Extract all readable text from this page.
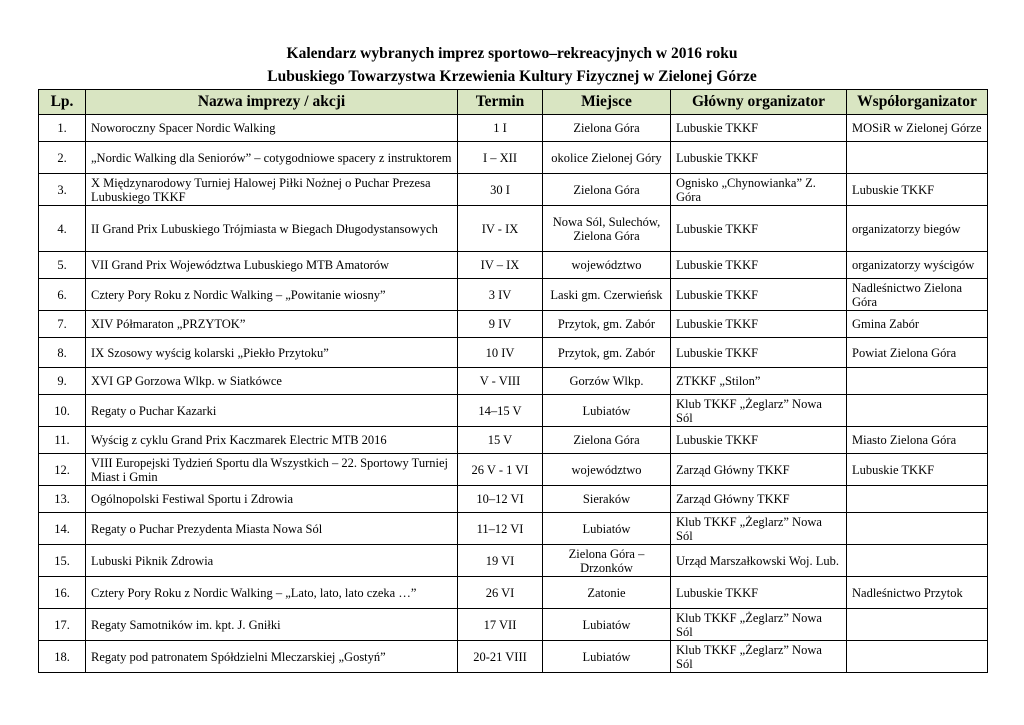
Kalendarz wybranych imprez sportowo–rekreacyjnych w 2016 roku
Lubuskiego Towarzystwa Krzewienia Kultury Fizycznej w Zielonej Górze
Lp.	Nazwa imprezy / akcji	Termin	Miejsce	Główny organizator	Współorganizator
1.	Noworoczny Spacer Nordic Walking	1 I	Zielona Góra	Lubuskie TKKF	MOSiR w Zielonej Górze
2.	„Nordic Walking dla Seniorów” – cotygodniowe spacery z instruktorem	I – XII	okolice Zielonej Góry	Lubuskie TKKF	
3.	X Międzynarodowy Turniej Halowej Piłki Nożnej o Puchar Prezesa Lubuskiego TKKF	30 I	Zielona Góra	Ognisko „Chynowianka” Z. Góra	Lubuskie TKKF
4.	II Grand Prix Lubuskiego Trójmiasta w Biegach Długodystansowych	IV - IX	Nowa Sól, Sulechów, Zielona Góra	Lubuskie TKKF	organizatorzy biegów
5.	VII Grand Prix Województwa Lubuskiego MTB Amatorów	IV – IX	województwo	Lubuskie TKKF	organizatorzy wyścigów
6.	Cztery Pory Roku z Nordic Walking – „Powitanie wiosny”	3 IV	Laski gm. Czerwieńsk	Lubuskie TKKF	Nadleśnictwo Zielona Góra
7.	XIV Półmaraton „PRZYTOK”	9 IV	Przytok, gm. Zabór	Lubuskie TKKF	Gmina Zabór
8.	IX Szosowy wyścig kolarski „Piekło Przytoku”	10 IV	Przytok, gm. Zabór	Lubuskie TKKF	Powiat Zielona Góra
9.	XVI GP Gorzowa Wlkp. w Siatkówce	V - VIII	Gorzów Wlkp.	ZTKKF „Stilon”	
10.	Regaty o Puchar Kazarki	14–15 V	Lubiatów	Klub TKKF „Żeglarz” Nowa Sól	
11.	Wyścig z cyklu Grand Prix Kaczmarek Electric MTB 2016	15 V	Zielona Góra	Lubuskie TKKF	Miasto Zielona Góra
12.	VIII Europejski Tydzień Sportu dla Wszystkich – 22. Sportowy Turniej Miast i Gmin	26 V - 1 VI	województwo	Zarząd Główny TKKF	Lubuskie TKKF
13.	Ogólnopolski Festiwal Sportu i Zdrowia	10–12 VI	Sieraków	Zarząd Główny TKKF	
14.	Regaty o Puchar Prezydenta Miasta Nowa Sól	11–12 VI	Lubiatów	Klub TKKF „Żeglarz” Nowa Sól	
15.	Lubuski Piknik Zdrowia	19 VI	Zielona Góra – Drzonków	Urząd Marszałkowski Woj. Lub.	
16.	Cztery Pory Roku z Nordic Walking – „Lato, lato, lato czeka …”	26 VI	Zatonie	Lubuskie TKKF	Nadleśnictwo Przytok
17.	Regaty Samotników im. kpt. J. Gniłki	17 VII	Lubiatów	Klub TKKF „Żeglarz” Nowa Sól	
18.	Regaty pod patronatem Spółdzielni Mleczarskiej „Gostyń”	20-21 VIII	Lubiatów	Klub TKKF „Żeglarz” Nowa Sól	
